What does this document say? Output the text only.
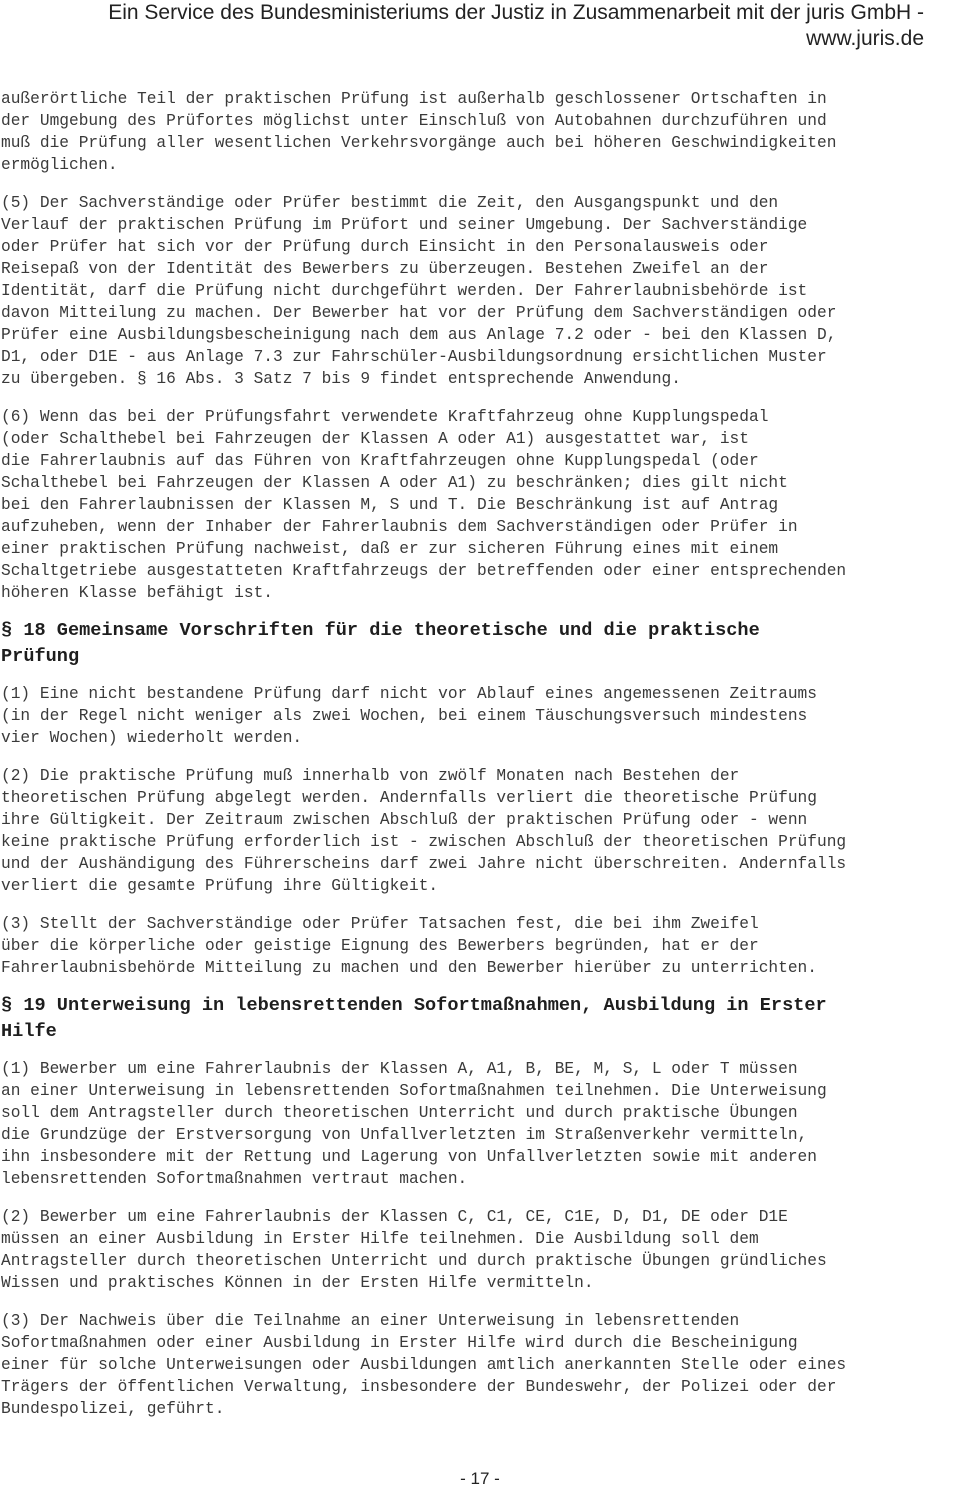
Ein Service des Bundesministeriums der Justiz in Zusammenarbeit mit der juris GmbH -
www.juris.de

außerörtliche Teil der praktischen Prüfung ist außerhalb geschlossener Ortschaften in
der Umgebung des Prüfortes möglichst unter Einschluß von Autobahnen durchzuführen und
muß die Prüfung aller wesentlichen Verkehrsvorgänge auch bei höheren Geschwindigkeiten
ermöglichen.

(5) Der Sachverständige oder Prüfer bestimmt die Zeit, den Ausgangspunkt und den
Verlauf der praktischen Prüfung im Prüfort und seiner Umgebung. Der Sachverständige
oder Prüfer hat sich vor der Prüfung durch Einsicht in den Personalausweis oder
Reisepaß von der Identität des Bewerbers zu überzeugen. Bestehen Zweifel an der
Identität, darf die Prüfung nicht durchgeführt werden. Der Fahrerlaubnisbehörde ist
davon Mitteilung zu machen. Der Bewerber hat vor der Prüfung dem Sachverständigen oder
Prüfer eine Ausbildungsbescheinigung nach dem aus Anlage 7.2 oder - bei den Klassen D,
D1, oder D1E - aus Anlage 7.3 zur Fahrschüler-Ausbildungsordnung ersichtlichen Muster
zu übergeben. § 16 Abs. 3 Satz 7 bis 9 findet entsprechende Anwendung.

(6) Wenn das bei der Prüfungsfahrt verwendete Kraftfahrzeug ohne Kupplungspedal
(oder Schalthebel bei Fahrzeugen der Klassen A oder A1) ausgestattet war, ist
die Fahrerlaubnis auf das Führen von Kraftfahrzeugen ohne Kupplungspedal (oder
Schalthebel bei Fahrzeugen der Klassen A oder A1) zu beschränken; dies gilt nicht
bei den Fahrerlaubnissen der Klassen M, S und T. Die Beschränkung ist auf Antrag
aufzuheben, wenn der Inhaber der Fahrerlaubnis dem Sachverständigen oder Prüfer in
einer praktischen Prüfung nachweist, daß er zur sicheren Führung eines mit einem
Schaltgetriebe ausgestatteten Kraftfahrzeugs der betreffenden oder einer entsprechenden
höheren Klasse befähigt ist.

§ 18 Gemeinsame Vorschriften für die theoretische und die praktische
Prüfung

(1) Eine nicht bestandene Prüfung darf nicht vor Ablauf eines angemessenen Zeitraums
(in der Regel nicht weniger als zwei Wochen, bei einem Täuschungsversuch mindestens
vier Wochen) wiederholt werden.

(2) Die praktische Prüfung muß innerhalb von zwölf Monaten nach Bestehen der
theoretischen Prüfung abgelegt werden. Andernfalls verliert die theoretische Prüfung
ihre Gültigkeit. Der Zeitraum zwischen Abschluß der praktischen Prüfung oder - wenn
keine praktische Prüfung erforderlich ist - zwischen Abschluß der theoretischen Prüfung
und der Aushändigung des Führerscheins darf zwei Jahre nicht überschreiten. Andernfalls
verliert die gesamte Prüfung ihre Gültigkeit.

(3) Stellt der Sachverständige oder Prüfer Tatsachen fest, die bei ihm Zweifel
über die körperliche oder geistige Eignung des Bewerbers begründen, hat er der
Fahrerlaubnisbehörde Mitteilung zu machen und den Bewerber hierüber zu unterrichten.

§ 19 Unterweisung in lebensrettenden Sofortmaßnahmen, Ausbildung in Erster
Hilfe

(1) Bewerber um eine Fahrerlaubnis der Klassen A, A1, B, BE, M, S, L oder T müssen
an einer Unterweisung in lebensrettenden Sofortmaßnahmen teilnehmen. Die Unterweisung
soll dem Antragsteller durch theoretischen Unterricht und durch praktische Übungen
die Grundzüge der Erstversorgung von Unfallverletzten im Straßenverkehr vermitteln,
ihn insbesondere mit der Rettung und Lagerung von Unfallverletzten sowie mit anderen
lebensrettenden Sofortmaßnahmen vertraut machen.

(2) Bewerber um eine Fahrerlaubnis der Klassen C, C1, CE, C1E, D, D1, DE oder D1E
müssen an einer Ausbildung in Erster Hilfe teilnehmen. Die Ausbildung soll dem
Antragsteller durch theoretischen Unterricht und durch praktische Übungen gründliches
Wissen und praktisches Können in der Ersten Hilfe vermitteln.

(3) Der Nachweis über die Teilnahme an einer Unterweisung in lebensrettenden
Sofortmaßnahmen oder einer Ausbildung in Erster Hilfe wird durch die Bescheinigung
einer für solche Unterweisungen oder Ausbildungen amtlich anerkannten Stelle oder eines
Trägers der öffentlichen Verwaltung, insbesondere der Bundeswehr, der Polizei oder der
Bundespolizei, geführt.

- 17 -
